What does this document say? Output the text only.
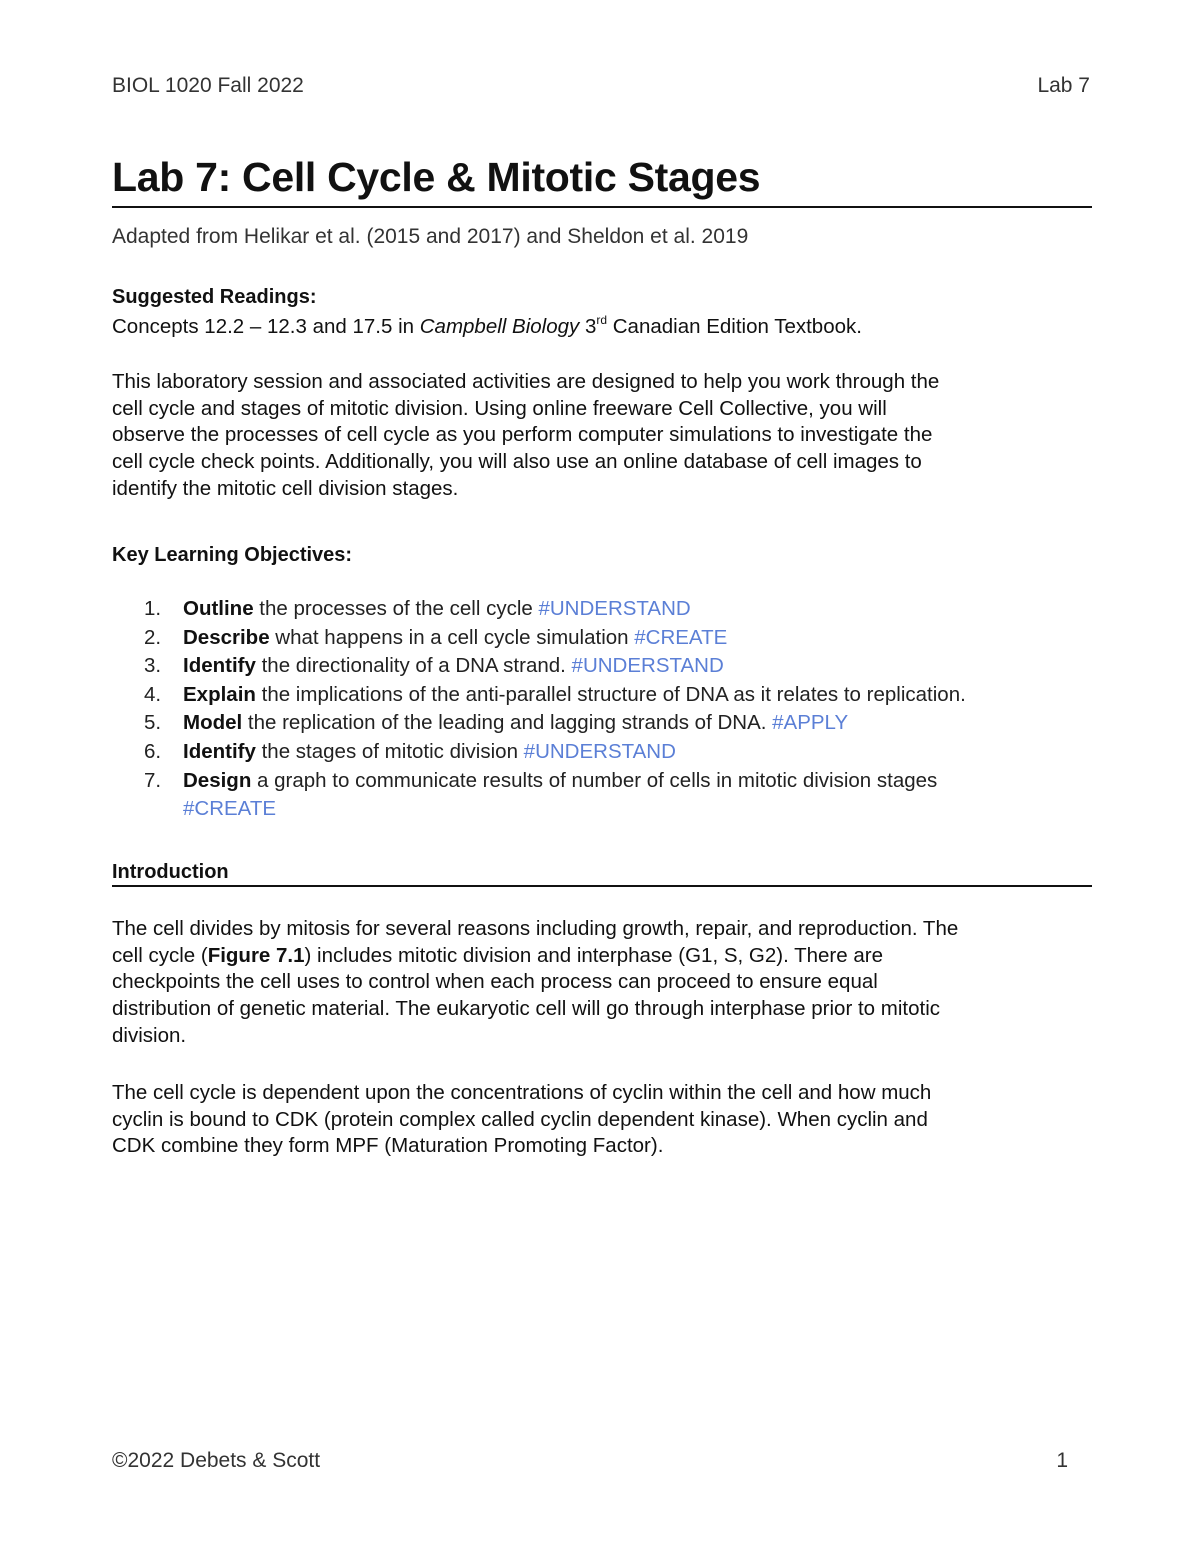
BIOL 1020 Fall 2022	Lab 7
Lab 7: Cell Cycle & Mitotic Stages
Adapted from Helikar et al. (2015 and 2017) and Sheldon et al. 2019
Suggested Readings:
Concepts 12.2 – 12.3 and 17.5 in Campbell Biology 3rd Canadian Edition Textbook.
This laboratory session and associated activities are designed to help you work through the
cell cycle and stages of mitotic division. Using online freeware Cell Collective, you will
observe the processes of cell cycle as you perform computer simulations to investigate the
cell cycle check points. Additionally, you will also use an online database of cell images to
identify the mitotic cell division stages.
Key Learning Objectives:
1. Outline the processes of the cell cycle #UNDERSTAND
2. Describe what happens in a cell cycle simulation #CREATE
3. Identify the directionality of a DNA strand. #UNDERSTAND
4. Explain the implications of the anti-parallel structure of DNA as it relates to replication.
5. Model the replication of the leading and lagging strands of DNA. #APPLY
6. Identify the stages of mitotic division #UNDERSTAND
7. Design a graph to communicate results of number of cells in mitotic division stages
#CREATE
Introduction
The cell divides by mitosis for several reasons including growth, repair, and reproduction. The
cell cycle (Figure 7.1) includes mitotic division and interphase (G1, S, G2). There are
checkpoints the cell uses to control when each process can proceed to ensure equal
distribution of genetic material. The eukaryotic cell will go through interphase prior to mitotic
division.
The cell cycle is dependent upon the concentrations of cyclin within the cell and how much
cyclin is bound to CDK (protein complex called cyclin dependent kinase). When cyclin and
CDK combine they form MPF (Maturation Promoting Factor).
©2022 Debets & Scott	1
